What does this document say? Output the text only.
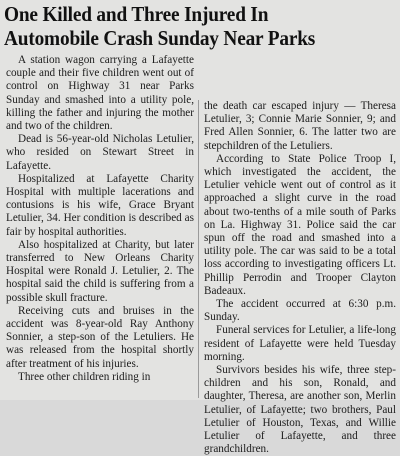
One Killed and Three Injured In
Automobile Crash Sunday Near Parks

A station wagon carrying a Lafayette couple and their five children went out of control on Highway 31 near Parks Sunday and smashed into a utility pole, killing the father and injuring the mother and two of the children.

Dead is 56-year-old Nicholas Letulier, who resided on Stewart Street in Lafayette.

Hospitalized at Lafayette Charity Hospital with multiple lacerations and contusions is his wife, Grace Bryant Letulier, 34. Her condition is described as fair by hospital authorities.

Also hospitalized at Charity, but later transferred to New Orleans Charity Hospital were Ronald J. Letulier, 2. The hospital said the child is suffering from a possible skull fracture.

Receiving cuts and bruises in the accident was 8-year-old Ray Anthony Sonnier, a step-son of the Letuliers. He was released from the hospital shortly after treatment of his injuries.

Three other children riding in

the death car escaped injury — Theresa Letulier, 3; Connie Marie Sonnier, 9; and Fred Allen Sonnier, 6. The latter two are stepchildren of the Letuliers.

According to State Police Troop I, which investigated the accident, the Letulier vehicle went out of control as it approached a slight curve in the road about two-tenths of a mile south of Parks on La. Highway 31. Police said the car spun off the road and smashed into a utility pole. The car was said to be a total loss according to investigating officers Lt. Phillip Perrodin and Trooper Clayton Badeaux.

The accident occurred at 6:30 p.m. Sunday.

Funeral services for Letulier, a life-long resident of Lafayette were held Tuesday morning.

Survivors besides his wife, three step-children and his son, Ronald, and daughter, Theresa, are another son, Merlin Letulier, of Lafayette; two brothers, Paul Letulier of Houston, Texas, and Willie Letulier of Lafayette, and three grandchildren.
